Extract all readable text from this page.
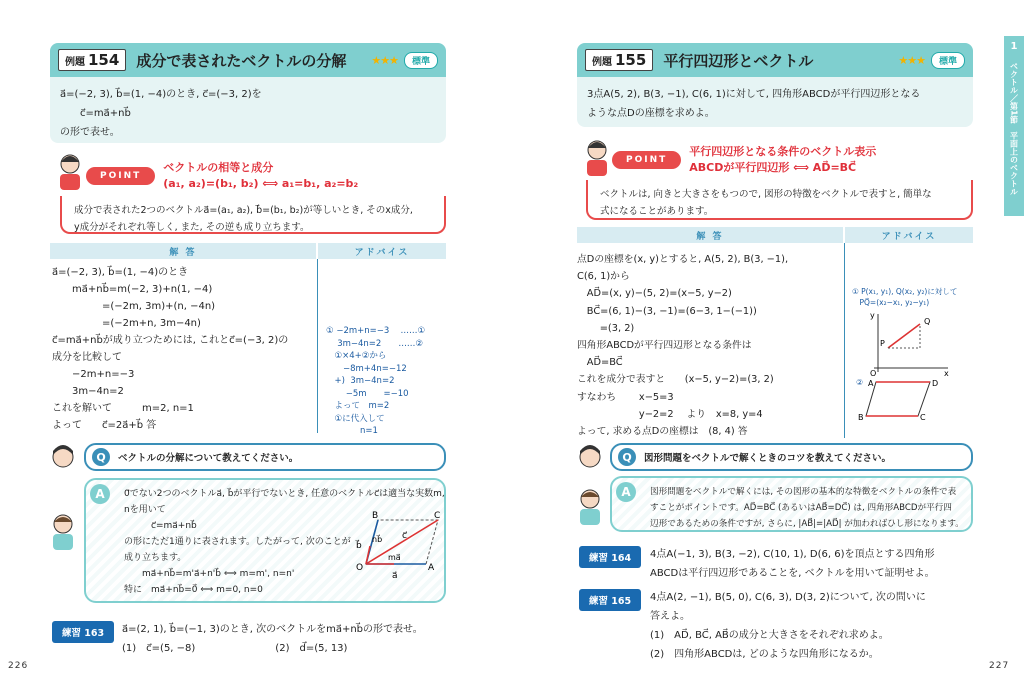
例題 154 成分で表されたベクトルの分解 ★★★	標準
a⃗=(−2, 3), b⃗=(1, −4)のとき, c⃗=(−3, 2)を
　　c⃗=ma⃗+nb⃗
の形で表せ。
POINT
ベクトルの相等と成分
(a₁, a₂)=(b₁, b₂) ⟺ a₁=b₁, a₂=b₂
成分で表された2つのベクトルa⃗=(a₁, a₂), b⃗=(b₁, b₂)が等しいとき, そのx成分,
y成分がそれぞれ等しく, また, その逆も成り立ちます。
解 答	アドバイス
a⃗=(−2, 3), b⃗=(1, −4)のとき
　　ma⃗+nb⃗=m(−2, 3)+n(1, −4)
　　　　　=(−2m, 3m)+(n, −4n)
　　　　　=(−2m+n, 3m−4n)
c⃗=ma⃗+nb⃗が成り立つためには, これとc⃗=(−3, 2)の
成分を比較して
　　−2m+n=−3
　　3m−4n=2
これを解いて　　　m=2, n=1
よって　　c⃗=2a⃗+b⃗ 答
① −2m+n=−3　 ……①
　 3m−4n=2　　……②
　①×4+②から
　　−8m+4n=−12
　+)  3m−4n=2
　　 −5m　　=−10
　よって　m=2
　①に代入して
　　　　n=1
Q	ベクトルの分解について教えてください。
0⃗でない2つのベクトルa⃗, b⃗が平行でないとき, 任意のベクトルc⃗は適当な実数m,
nを用いて
　　　c⃗=ma⃗+nb⃗
の形にただ1通りに表されます。したがって, 次のことが
成り立ちます。
　　ma⃗+nb⃗=m'a⃗+n'b⃗ ⟺ m=m', n=n'
特に　ma⃗+nb⃗=0⃗ ⟺ m=0, n=0
A
O	A
B	C
a⃗
b⃗
c⃗
ma⃗
nb⃗
練習 163	a⃗=(2, 1), b⃗=(−1, 3)のとき, 次のベクトルをma⃗+nb⃗の形で表せ。
(1)　c⃗=(5, −8)　　　　　　　　(2)　d⃗=(5, 13)
226
例題 155 平行四辺形とベクトル	★★★	標準
3点A(5, 2), B(3, −1), C(6, 1)に対して, 四角形ABCDが平行四辺形となる
ような点Dの座標を求めよ。
POINT
平行四辺形となる条件のベクトル表示
ABCDが平行四辺形 ⟺ AD⃗=BC⃗
ベクトルは, 向きと大きさをもつので, 図形の特徴をベクトルで表すと, 簡単な
式になることがあります。
解 答	アドバイス
点Dの座標を(x, y)とすると, A(5, 2), B(3, −1),
C(6, 1)から
　AD⃗=(x, y)−(5, 2)=(x−5, y−2)
　BC⃗=(6, 1)−(3, −1)=(6−3, 1−(−1))
　　 =(3, 2)
四角形ABCDが平行四辺形となる条件は
　AD⃗=BC⃗
これを成分で表すと　　(x−5, y−2)=(3, 2)
すなわち　　 x−5=3
　　　　　　 y−2=2　 より　x=8, y=4
よって, 求める点Dの座標は　(8, 4) 答
① P(x₁, y₁), Q(x₂, y₂)に対して
　PQ⃗=(x₂−x₁, y₂−y₁)
P
Q
O	x
y
② A	D
B	C
Q	図形問題をベクトルで解くときのコツを教えてください。
図形問題をベクトルで解くには, その図形の基本的な特徴をベクトルの条件で表
すことがポイントです。AD⃗=BC⃗ (あるいはAB⃗=DC⃗) は, 四角形ABCDが平行四
辺形であるための条件ですが, さらに, |AB⃗|=|AD⃗| が加わればひし形になります。
A
練習 164	4点A(−1, 3), B(3, −2), C(10, 1), D(6, 6)を頂点とする四角形
ABCDは平行四辺形であることを, ベクトルを用いて証明せよ。
練習 165	4点A(2, −1), B(5, 0), C(6, 3), D(3, 2)について, 次の問いに
答えよ。
(1)　AD⃗, BC⃗, AB⃗の成分と大きさをそれぞれ求めよ。
(2)　四角形ABCDは, どのような四角形になるか。
227
ベクトル／第1節　平面上のベクトル
1
